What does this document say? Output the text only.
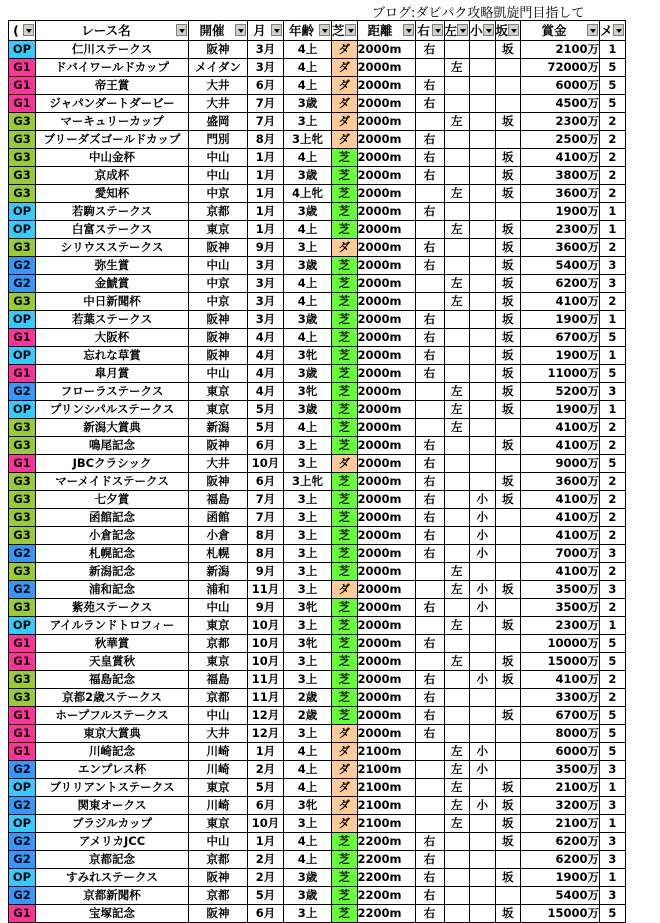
ブログ:ダビパク攻略凱旋門目指して
(	レース名	開催	月	年齢	芝	距離	右	左	小	坂	賞金	メ

OP	仁川ステークス	阪神	3月	4上	ダ	2000m	右			坂	2100万	1
G1	ドバイワールドカップ	メイダン	3月	4上	ダ	2000m		左			72000万	5
G1	帝王賞	大井	6月	4上	ダ	2000m	右				6000万	5
G1	ジャパンダートダービー	大井	7月	3歳	ダ	2000m	右				4500万	5
G3	マーキュリーカップ	盛岡	7月	3上	ダ	2000m		左		坂	2300万	2
G3	ブリーダズゴールドカップ	門別	8月	3上牝	ダ	2000m	右				2500万	2
G3	中山金杯	中山	1月	4上	芝	2000m	右			坂	4100万	2
G3	京成杯	中山	1月	3歳	芝	2000m	右			坂	3800万	2
G3	愛知杯	中京	1月	4上牝	芝	2000m		左		坂	3600万	2
OP	若駒ステークス	京都	1月	3歳	芝	2000m	右				1900万	1
OP	白富ステークス	東京	1月	4上	芝	2000m		左		坂	2300万	1
G3	シリウスステークス	阪神	9月	3上	ダ	2000m	右			坂	3600万	2
G2	弥生賞	中山	3月	3歳	芝	2000m	右			坂	5400万	3
G2	金鯱賞	中京	3月	4上	芝	2000m		左		坂	6200万	3
G3	中日新聞杯	中京	3月	4上	芝	2000m		左		坂	4100万	2
OP	若葉ステークス	阪神	3月	3歳	芝	2000m	右			坂	1900万	1
G1	大阪杯	阪神	4月	4上	芝	2000m	右			坂	6700万	5
OP	忘れな草賞	阪神	4月	3牝	芝	2000m	右			坂	1900万	1
G1	皐月賞	中山	4月	3歳	芝	2000m	右			坂	11000万	5
G2	フローラステークス	東京	4月	3牝	芝	2000m		左		坂	5200万	3
OP	プリンシパルステークス	東京	5月	3歳	芝	2000m		左		坂	1900万	1
G3	新潟大賞典	新潟	5月	4上	芝	2000m		左			4100万	2
G3	鳴尾記念	阪神	6月	3上	芝	2000m	右			坂	4100万	2
G1	JBCクラシック	大井	10月	3上	ダ	2000m	右				9000万	5
G3	マーメイドステークス	阪神	6月	3上牝	芝	2000m	右			坂	3600万	2
G3	七夕賞	福島	7月	3上	芝	2000m	右		小	坂	4100万	2
G3	函館記念	函館	7月	3上	芝	2000m	右		小		4100万	2
G3	小倉記念	小倉	8月	3上	芝	2000m	右		小		4100万	2
G2	札幌記念	札幌	8月	3上	芝	2000m	右		小		7000万	3
G3	新潟記念	新潟	9月	3上	芝	2000m		左			4100万	2
G2	浦和記念	浦和	11月	3上	ダ	2000m		左	小	坂	3500万	3
G3	紫苑ステークス	中山	9月	3牝	芝	2000m	右		小		3500万	2
OP	アイルランドトロフィー	東京	10月	3上	芝	2000m		左		坂	2300万	1
G1	秋華賞	京都	10月	3牝	芝	2000m	右				10000万	5
G1	天皇賞秋	東京	10月	3上	芝	2000m		左		坂	15000万	5
G3	福島記念	福島	11月	3上	芝	2000m	右		小	坂	4100万	2
G3	京都2歳ステークス	京都	11月	2歳	芝	2000m	右				3300万	2
G1	ホープフルステークス	中山	12月	2歳	芝	2000m	右			坂	6700万	5
G1	東京大賞典	大井	12月	3上	ダ	2000m	右				8000万	5
G1	川崎記念	川崎	1月	4上	ダ	2100m		左	小		6000万	5
G2	エンプレス杯	川崎	2月	4上	ダ	2100m		左	小		3500万	3
OP	ブリリアントステークス	東京	5月	4上	ダ	2100m		左		坂	2100万	1
G2	関東オークス	川崎	6月	3牝	ダ	2100m		左	小	坂	3200万	3
OP	ブラジルカップ	東京	10月	3上	ダ	2100m		左		坂	2100万	1
G2	アメリカJCC	中山	1月	4上	芝	2200m	右			坂	6200万	3
G2	京都記念	京都	2月	4上	芝	2200m	右				6200万	3
OP	すみれステークス	阪神	2月	3歳	芝	2200m	右			坂	1900万	1
G2	京都新聞杯	京都	5月	3歳	芝	2200m	右				5400万	3
G1	宝塚記念	阪神	6月	3上	芝	2200m	右			坂	15000万	5
